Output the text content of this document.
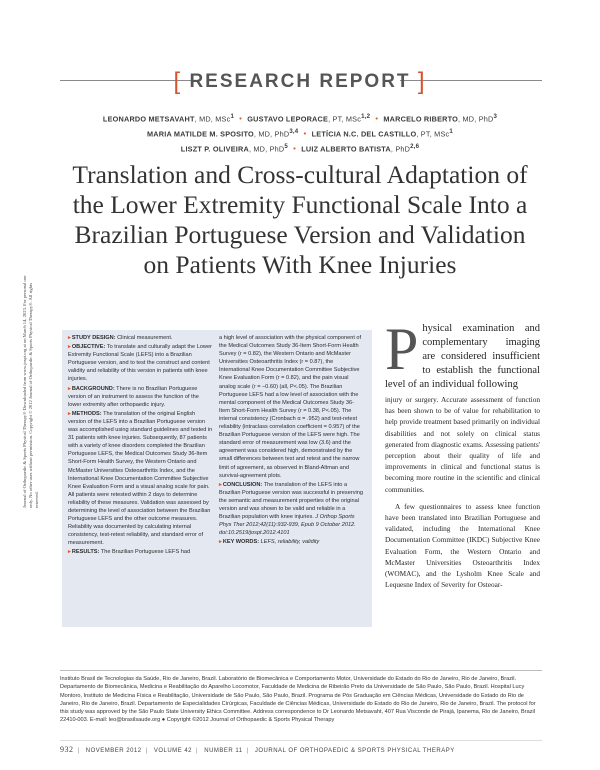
[ RESEARCH REPORT ]
LEONARDO METSAVAHT, MD, MSc$^1$ • GUSTAVO LEPORACE, PT, MSc$^{1,2}$ • MARCELO RIBERTO, MD, PhD$^3$
MARIA MATILDE M. SPOSITO, MD, PhD$^{3,4}$ • LETÍCIA N.C. DEL CASTILLO, PT, MSc$^1$
LISZT P. OLIVEIRA, MD, PhD$^5$ • LUIZ ALBERTO BATISTA, PhD$^{2,6}$
Translation and Cross-cultural Adaptation of the Lower Extremity Functional Scale Into a Brazilian Portuguese Version and Validation on Patients With Knee Injuries
Journal of Orthopaedic & Sports Physical Therapy® Downloaded from www.jospt.org at on March 14, 2023. For personal use only. No other uses without permission. Copyright © 2012 Journal of Orthopaedic & Sports Physical Therapy®. All rights reserved.
▸STUDY DESIGN: Clinical measurement.
▸OBJECTIVE: To translate and culturally adapt the Lower Extremity Functional Scale (LEFS) into a Brazilian Portuguese version, and to test the construct and content validity and reliability of this version in patients with knee injuries.
▸BACKGROUND: There is no Brazilian Portuguese version of an instrument to assess the function of the lower extremity after orthopaedic injury.
▸METHODS: The translation of the original English version of the LEFS into a Brazilian Portuguese version was accomplished using standard guidelines and tested in 31 patients with knee injuries. Subsequently, 87 patients with a variety of knee disorders completed the Brazilian Portuguese LEFS, the Medical Outcomes Study 36-Item Short-Form Health Survey, the Western Ontario and McMaster Universities Osteoarthritis Index, and the International Knee Documentation Committee Subjective Knee Evaluation Form and a visual analog scale for pain. All patients were retested within 2 days to determine reliability of these measures. Validation was assessed by determining the level of association between the Brazilian Portuguese LEFS and the other outcome measures. Reliability was documented by calculating internal consistency, test-retest reliability, and standard error of measurement.
▸RESULTS: The Brazilian Portuguese LEFS had
a high level of association with the physical component of the Medical Outcomes Study 36-Item Short-Form Health Survey (r = 0.82), the Western Ontario and McMaster Universities Osteoarthritis Index (r = 0.87), the International Knee Documentation Committee Subjective Knee Evaluation Form (r = 0.82), and the pain visual analog scale (r = –0.60) (all, P<.05). The Brazilian Portuguese LEFS had a low level of association with the mental component of the Medical Outcomes Study 36-Item Short-Form Health Survey (r = 0.38, P<.05). The internal consistency (Cronbach α = .952) and test-retest reliability (intraclass correlation coefficient = 0.957) of the Brazilian Portuguese version of the LEFS were high. The standard error of measurement was low (3.6) and the agreement was considered high, demonstrated by the small differences between test and retest and the narrow limit of agreement, as observed in Bland-Altman and survival-agreement plots.
▸CONCLUSION: The translation of the LEFS into a Brazilian Portuguese version was successful in preserving the semantic and measurement properties of the original version and was shown to be valid and reliable in a Brazilian population with knee injuries. J Orthop Sports Phys Ther 2012;42(11):932-939, Epub 9 October 2012. doi:10.2519/jospt.2012.4101
▸KEY WORDS: LEFS, reliability, validity
P hysical examination and complementary imaging are considered insufficient to establish the functional level of an individual following

injury or surgery. Accurate assessment of function has been shown to be of value for rehabilitation to help provide treatment based primarily on individual disabilities and not solely on clinical status generated from diagnostic exams. Assessing patients' perception about their quality of life and improvements in clinical and functional status is becoming more routine in the scientific and clinical communities.

A few questionnaires to assess knee function have been translated into Brazilian Portuguese and validated, including the International Knee Documentation Committee (IKDC) Subjective Knee Evaluation Form, the Western Ontario and McMaster Universities Osteoarthritis Index (WOMAC), and the Lysholm Knee Scale and Lequesne Index of Severity for Osteoar-

Instituto Brasil de Tecnologias da Saúde, Rio de Janeiro, Brazil. Laboratório de Biomecânica e Comportamento Motor, Universidade do Estado do Rio de Janeiro, Rio de Janeiro, Brazil. Departamento de Biomecânica, Medicina e Reabilitação do Aparelho Locomotor, Faculdade de Medicina de Ribeirão Preto da Universidade de São Paulo, São Paulo, Brazil. Hospital Lucy Montoro, Instituto de Medicina Física e Reabilitação, Universidade de São Paulo, São Paulo, Brazil. Programa de Pós Graduação em Ciências Médicas, Universidade do Estado do Rio de Janeiro, Rio de Janeiro, Brazil. Departamento de Especialidades Cirúrgicas, Faculdade de Ciências Médicas, Universidade do Estado do Rio de Janeiro, Rio de Janeiro, Brazil. The protocol for this study was approved by the São Paulo State University Ethics Committee. Address correspondence to Dr Leonardo Metsavaht, 407 Rua Visconde de Pirajá, Ipanema, Rio de Janeiro, Brazil 22410-003. E-mail: leo@brasilsaude.org ● Copyright ©2012 Journal of Orthopaedic & Sports Physical Therapy
932 | NOVEMBER 2012 | VOLUME 42 | NUMBER 11 | JOURNAL OF ORTHOPAEDIC & SPORTS PHYSICAL THERAPY
